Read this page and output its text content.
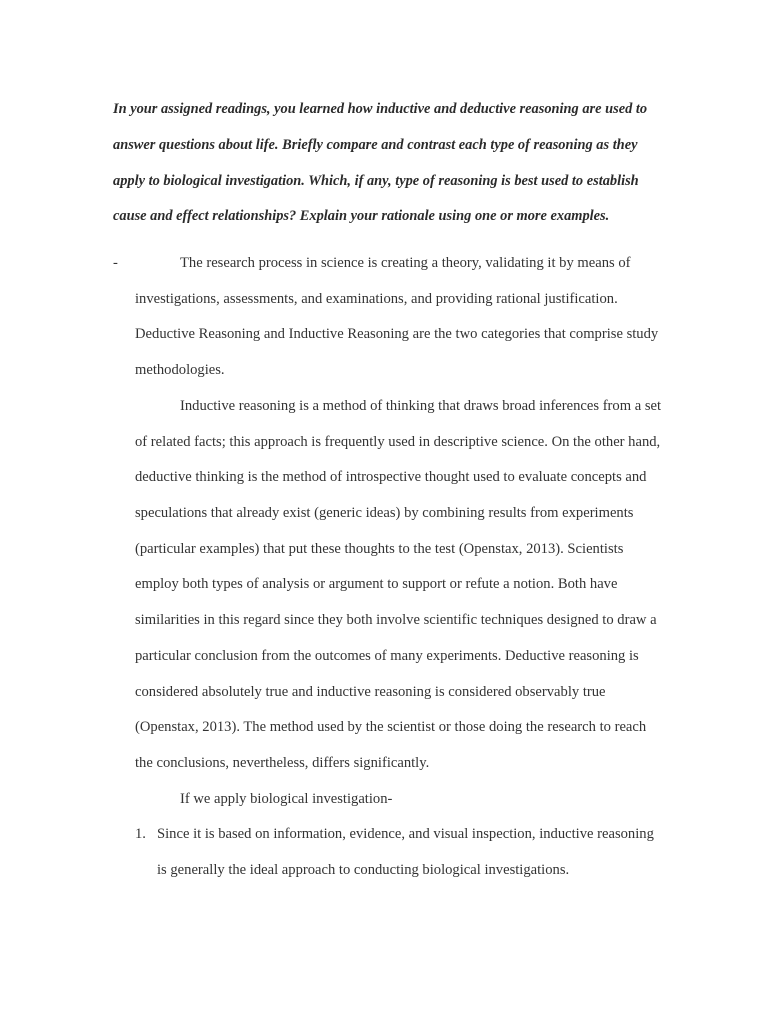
In your assigned readings, you learned how inductive and deductive reasoning are used to
answer questions about life. Briefly compare and contrast each type of reasoning as they
apply to biological investigation. Which, if any, type of reasoning is best used to establish
cause and effect relationships? Explain your rationale using one or more examples.
-	The research process in science is creating a theory, validating it by means of
investigations, assessments, and examinations, and providing rational justification.
Deductive Reasoning and Inductive Reasoning are the two categories that comprise study
methodologies.
Inductive reasoning is a method of thinking that draws broad inferences from a set
of related facts; this approach is frequently used in descriptive science. On the other hand,
deductive thinking is the method of introspective thought used to evaluate concepts and
speculations that already exist (generic ideas) by combining results from experiments
(particular examples) that put these thoughts to the test (Openstax, 2013). Scientists
employ both types of analysis or argument to support or refute a notion. Both have
similarities in this regard since they both involve scientific techniques designed to draw a
particular conclusion from the outcomes of many experiments. Deductive reasoning is
considered absolutely true and inductive reasoning is considered observably true
(Openstax, 2013). The method used by the scientist or those doing the research to reach
the conclusions, nevertheless, differs significantly.
If we apply biological investigation-
1. Since it is based on information, evidence, and visual inspection, inductive reasoning
is generally the ideal approach to conducting biological investigations.
